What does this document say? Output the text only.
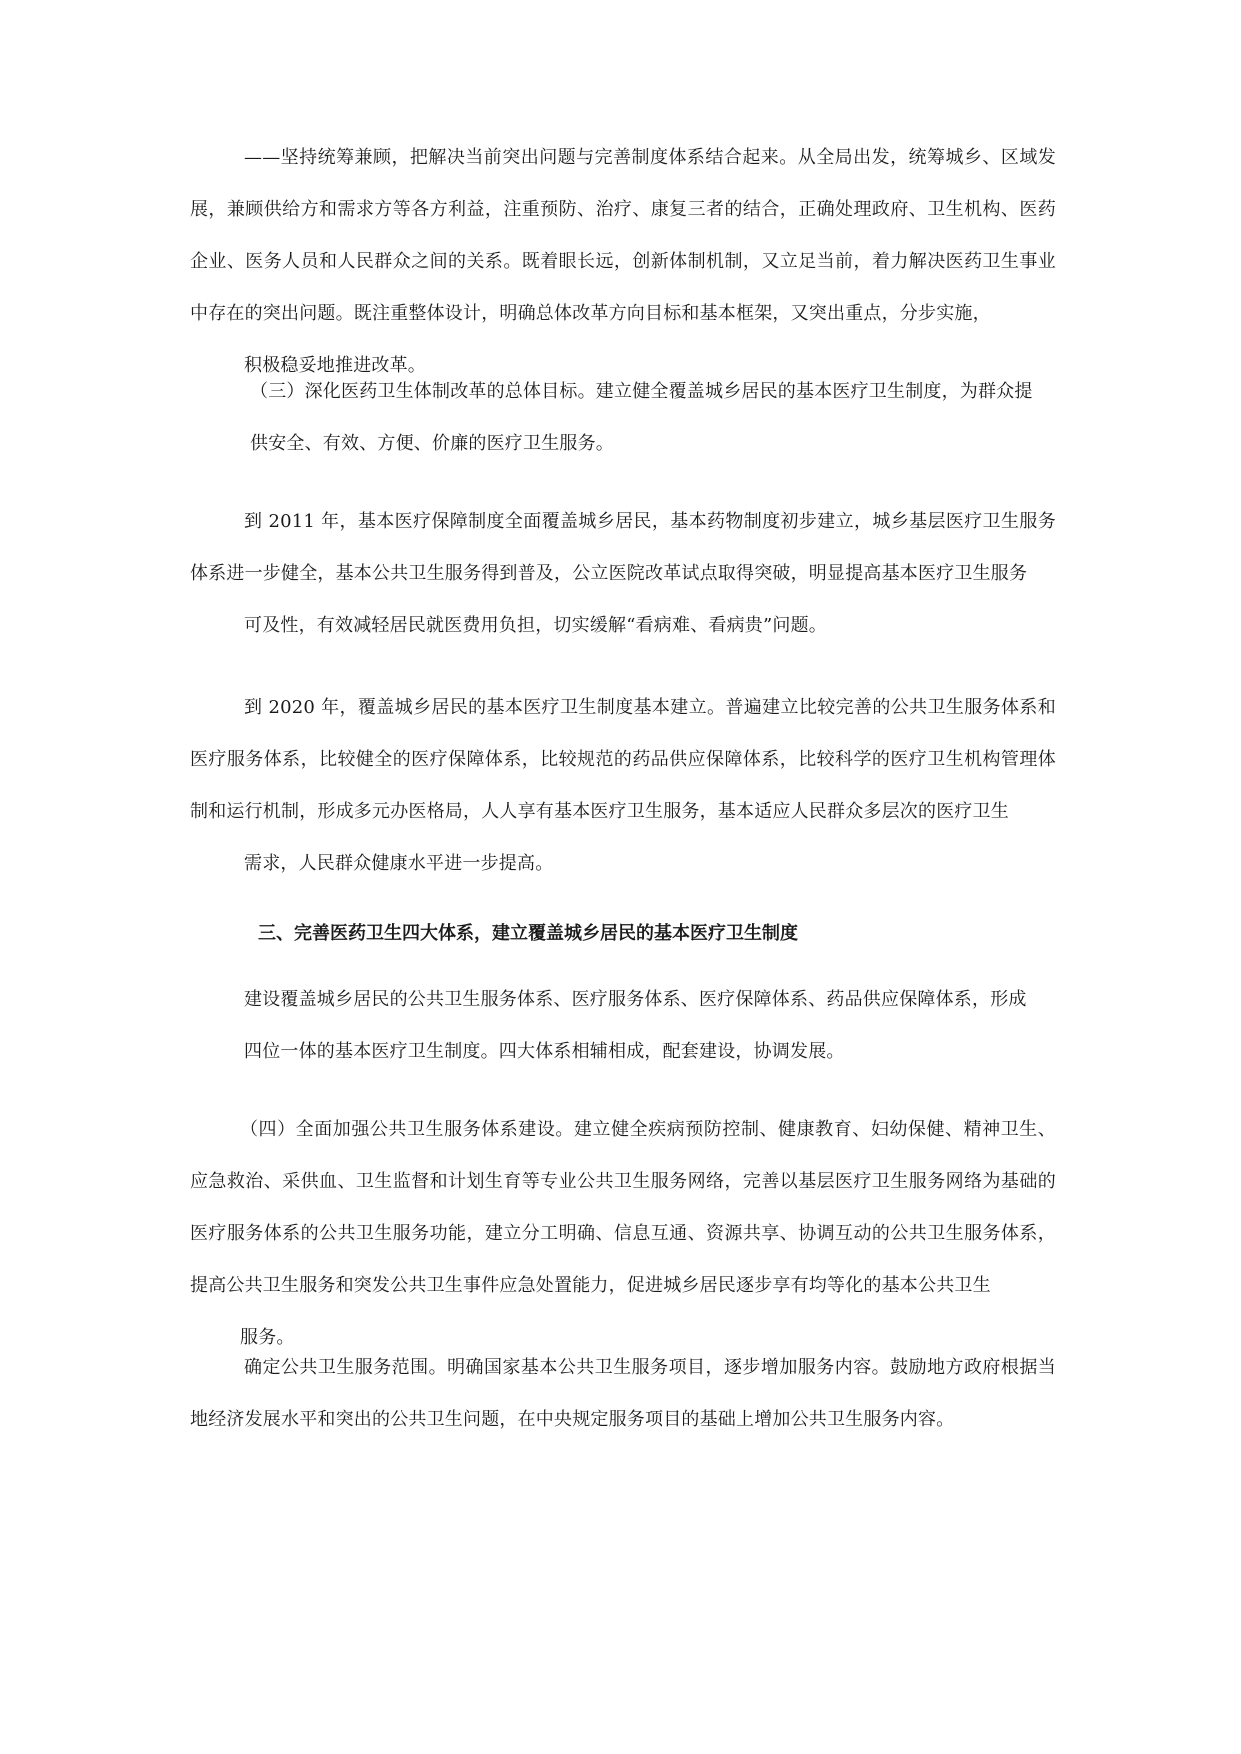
——坚持统筹兼顾，把解决当前突出问题与完善制度体系结合起来。从全局出发，统筹城乡、区域发展，兼顾供给方和需求方等各方利益，注重预防、治疗、康复三者的结合，正确处理政府、卫生机构、医药企业、医务人员和人民群众之间的关系。既着眼长远，创新体制机制，又立足当前，着力解决医药卫生事业中存在的突出问题。既注重整体设计，明确总体改革方向目标和基本框架，又突出重点，分步实施，
积极稳妥地推进改革。

（三）深化医药卫生体制改革的总体目标。建立健全覆盖城乡居民的基本医疗卫生制度，为群众提
供安全、有效、方便、价廉的医疗卫生服务。

到 2011 年，基本医疗保障制度全面覆盖城乡居民，基本药物制度初步建立，城乡基层医疗卫生服务体系进一步健全，基本公共卫生服务得到普及，公立医院改革试点取得突破，明显提高基本医疗卫生服务
可及性，有效减轻居民就医费用负担，切实缓解“看病难、看病贵”问题。

到 2020 年，覆盖城乡居民的基本医疗卫生制度基本建立。普遍建立比较完善的公共卫生服务体系和医疗服务体系，比较健全的医疗保障体系，比较规范的药品供应保障体系，比较科学的医疗卫生机构管理体制和运行机制，形成多元办医格局，人人享有基本医疗卫生服务，基本适应人民群众多层次的医疗卫生
需求，人民群众健康水平进一步提高。

三、完善医药卫生四大体系，建立覆盖城乡居民的基本医疗卫生制度

建设覆盖城乡居民的公共卫生服务体系、医疗服务体系、医疗保障体系、药品供应保障体系，形成
四位一体的基本医疗卫生制度。四大体系相辅相成，配套建设，协调发展。

（四）全面加强公共卫生服务体系建设。建立健全疾病预防控制、健康教育、妇幼保健、精神卫生、应急救治、采供血、卫生监督和计划生育等专业公共卫生服务网络，完善以基层医疗卫生服务网络为基础的医疗服务体系的公共卫生服务功能，建立分工明确、信息互通、资源共享、协调互动的公共卫生服务体系，提高公共卫生服务和突发公共卫生事件应急处置能力，促进城乡居民逐步享有均等化的基本公共卫生
服务。

确定公共卫生服务范围。明确国家基本公共卫生服务项目，逐步增加服务内容。鼓励地方政府根据当地经济发展水平和突出的公共卫生问题，在中央规定服务项目的基础上增加公共卫生服务内容。
